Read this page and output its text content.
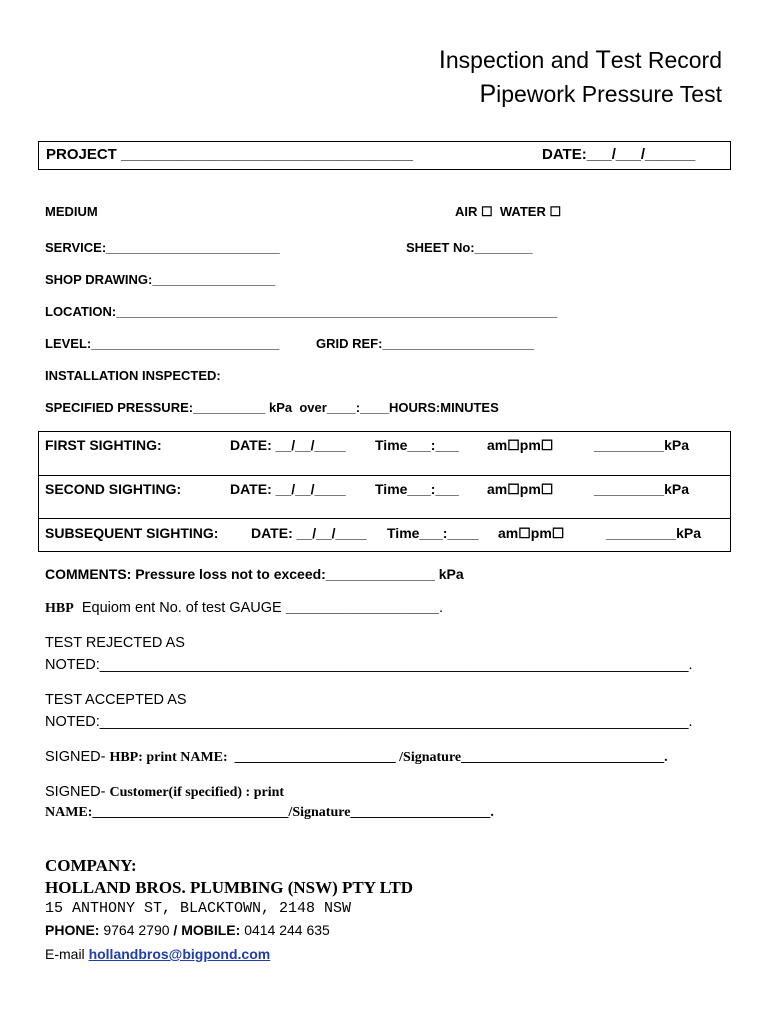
Inspection and Test Record
Pipework Pressure Test
PROJECT ___________________________________	DATE:___/___/______
MEDIUM	AIR ☐  WATER ☐
SERVICE:________________________	SHEET No:________
SHOP DRAWING:_________________
LOCATION:_____________________________________________________________
LEVEL:__________________________	GRID REF:_____________________
INSTALLATION INSPECTED:
SPECIFIED PRESSURE:__________ kPa  over____:____HOURS:MINUTES
FIRST SIGHTING:	DATE: __/__/____ Time___:___ am☐pm☐	_________kPa
SECOND SIGHTING:	DATE: __/__/____ Time___:___ am☐pm☐	_________kPa
SUBSEQUENT SIGHTING: DATE: __/__/____ Time___:____ am☐pm☐	_________kPa
COMMENTS: Pressure loss not to exceed:______________ kPa
HBP  Equiom ent No. of test GAUGE ___________________.
TEST REJECTED AS
NOTED:_________________________________________________________________________.
TEST ACCEPTED AS
NOTED:_________________________________________________________________________.
SIGNED- HBP: print NAME:  _______________________ /Signature_____________________________.
SIGNED- Customer(if specified) : print
NAME:____________________________/Signature____________________.
COMPANY:
HOLLAND BROS. PLUMBING (NSW) PTY LTD
15 ANTHONY ST, BLACKTOWN, 2148 NSW
PHONE: 9764 2790 / MOBILE: 0414 244 635
E-mail hollandbros@bigpond.com
